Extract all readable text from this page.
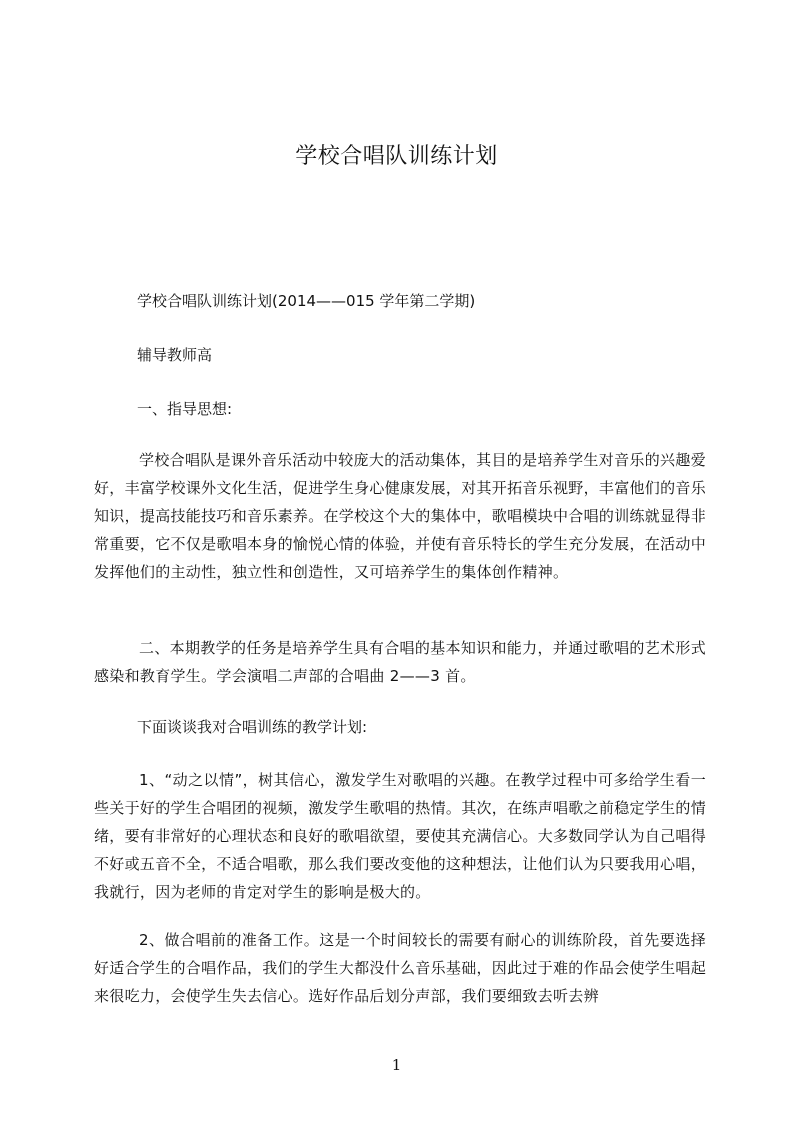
学校合唱队训练计划
学校合唱队训练计划(2014——015 学年第二学期)
辅导教师高
一、指导思想:
学校合唱队是课外音乐活动中较庞大的活动集体，其目的是培养学生对音乐的兴趣爱好，丰富学校课外文化生活，促进学生身心健康发展，对其开拓音乐视野，丰富他们的音乐知识，提高技能技巧和音乐素养。在学校这个大的集体中，歌唱模块中合唱的训练就显得非常重要，它不仅是歌唱本身的愉悦心情的体验，并使有音乐特长的学生充分发展，在活动中发挥他们的主动性，独立性和创造性，又可培养学生的集体创作精神。
二、本期教学的任务是培养学生具有合唱的基本知识和能力，并通过歌唱的艺术形式感染和教育学生。学会演唱二声部的合唱曲 2——3 首。
下面谈谈我对合唱训练的教学计划:
1、“动之以情”，树其信心，激发学生对歌唱的兴趣。在教学过程中可多给学生看一些关于好的学生合唱团的视频，激发学生歌唱的热情。其次，在练声唱歌之前稳定学生的情绪，要有非常好的心理状态和良好的歌唱欲望，要使其充满信心。大多数同学认为自己唱得不好或五音不全，不适合唱歌，那么我们要改变他的这种想法，让他们认为只要我用心唱，我就行，因为老师的肯定对学生的影响是极大的。
2、做合唱前的准备工作。这是一个时间较长的需要有耐心的训练阶段，首先要选择好适合学生的合唱作品，我们的学生大都没什么音乐基础，因此过于难的作品会使学生唱起来很吃力，会使学生失去信心。选好作品后划分声部，我们要细致去听去辨
1
